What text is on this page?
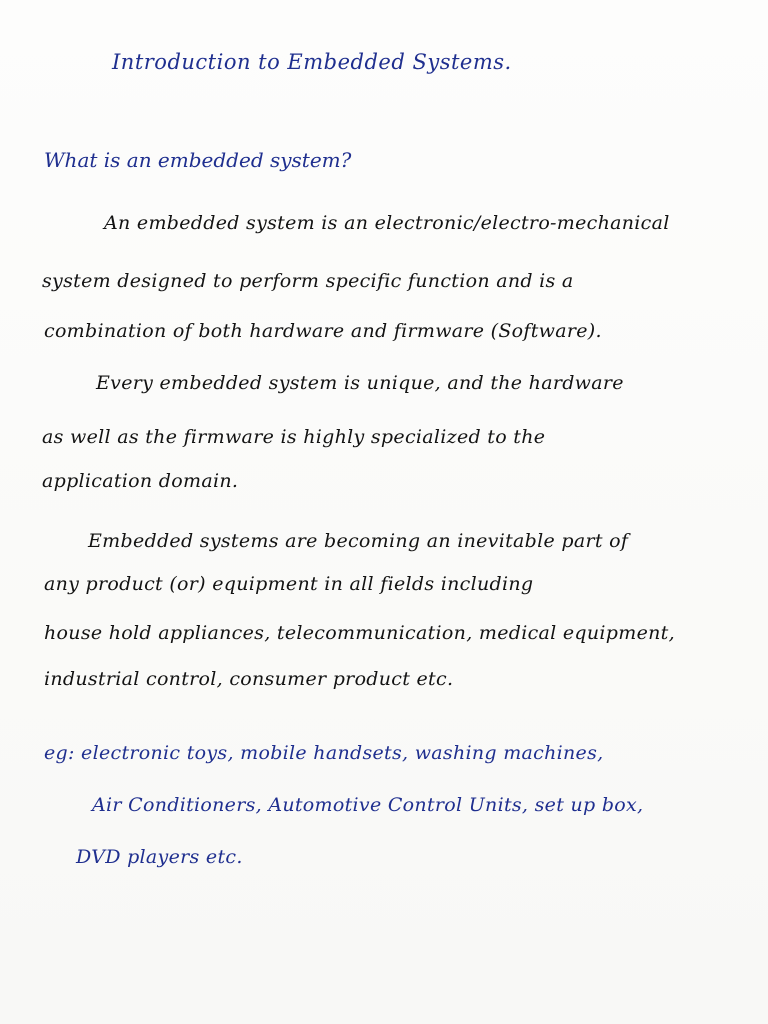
Introduction to Embedded Systems.
What is an embedded system?
An embedded system is an electronic/electro-mechanical
system designed to perform specific function and is a
combination of both hardware and firmware (Software).
Every embedded system is unique, and the hardware
as well as the firmware is highly specialized to the
application domain.
Embedded systems are becoming an inevitable part of
any product (or) equipment in all fields including
house hold appliances, telecommunication, medical equipment,
industrial control, consumer product etc.
eg: electronic toys, mobile handsets, washing machines,
Air Conditioners, Automotive Control Units, set up box,
DVD players etc.
